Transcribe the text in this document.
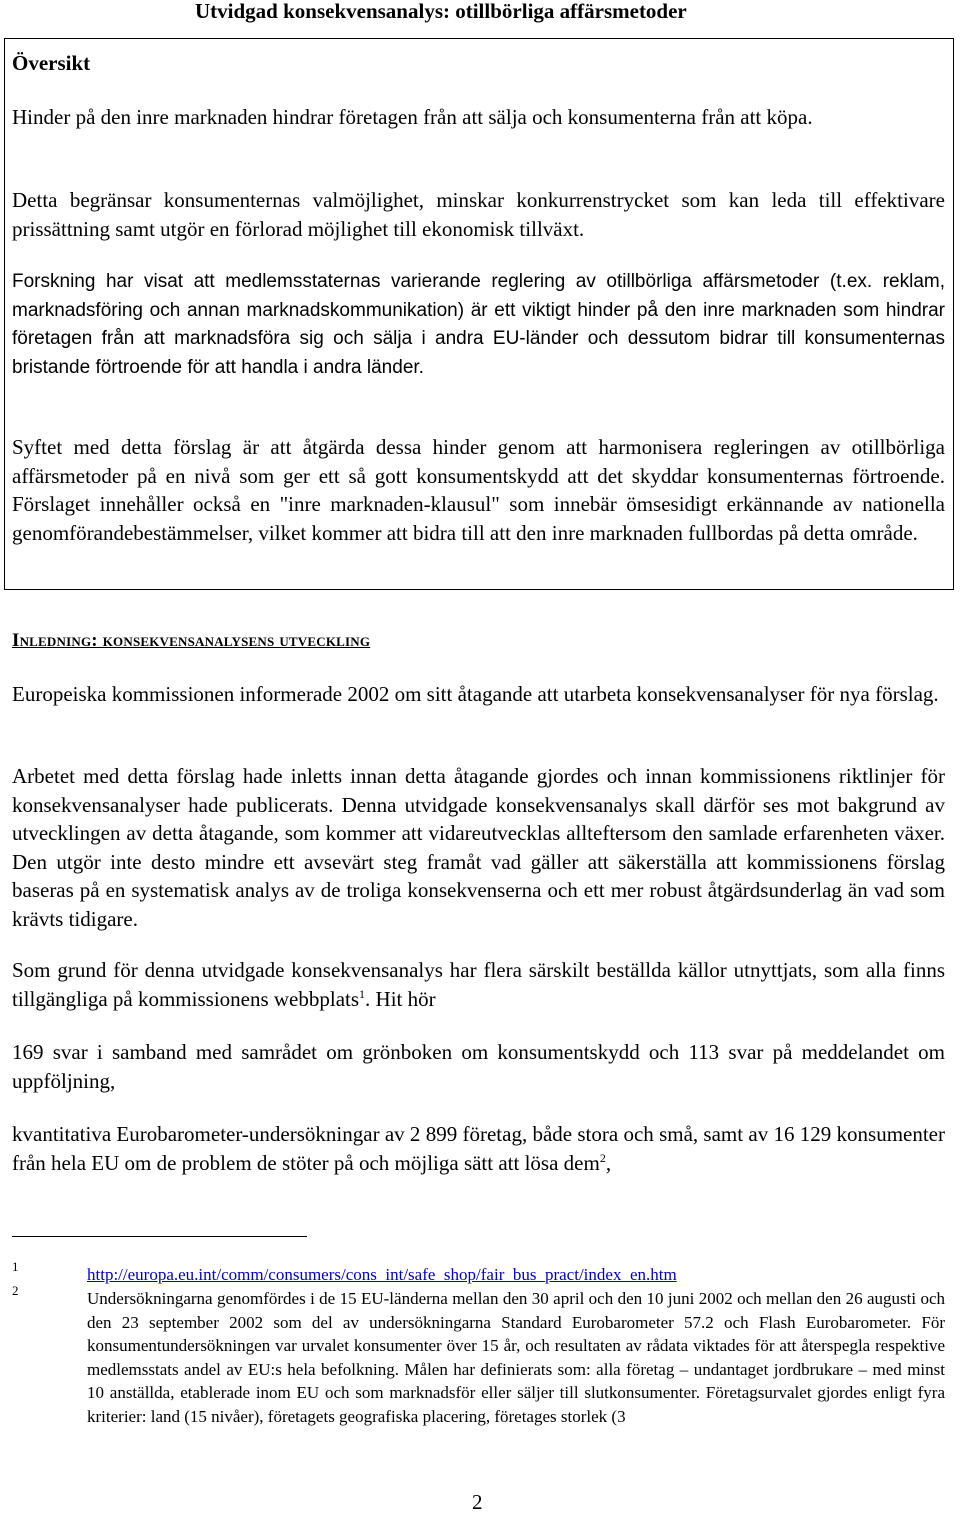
Utvidgad konsekvensanalys: otillbörliga affärsmetoder

Översikt

Hinder på den inre marknaden hindrar företagen från att sälja och konsumenterna från att köpa.

Detta begränsar konsumenternas valmöjlighet, minskar konkurrenstrycket som kan leda till effektivare prissättning samt utgör en förlorad möjlighet till ekonomisk tillväxt.

Forskning har visat att medlemsstaternas varierande reglering av otillbörliga affärsmetoder (t.ex. reklam, marknadsföring och annan marknadskommunikation) är ett viktigt hinder på den inre marknaden som hindrar företagen från att marknadsföra sig och sälja i andra EU-länder och dessutom bidrar till konsumenternas bristande förtroende för att handla i andra länder.

Syftet med detta förslag är att åtgärda dessa hinder genom att harmonisera regleringen av otillbörliga affärsmetoder på en nivå som ger ett så gott konsumentskydd att det skyddar konsumenternas förtroende. Förslaget innehåller också en "inre marknaden-klausul" som innebär ömsesidigt erkännande av nationella genomförandebestämmelser, vilket kommer att bidra till att den inre marknaden fullbordas på detta område.

Inledning: konsekvensanalysens utveckling

Europeiska kommissionen informerade 2002 om sitt åtagande att utarbeta konsekvensanalyser för nya förslag.

Arbetet med detta förslag hade inletts innan detta åtagande gjordes och innan kommissionens riktlinjer för konsekvensanalyser hade publicerats. Denna utvidgade konsekvensanalys skall därför ses mot bakgrund av utvecklingen av detta åtagande, som kommer att vidareutvecklas allteftersom den samlade erfarenheten växer. Den utgör inte desto mindre ett avsevärt steg framåt vad gäller att säkerställa att kommissionens förslag baseras på en systematisk analys av de troliga konsekvenserna och ett mer robust åtgärdsunderlag än vad som krävts tidigare.

Som grund för denna utvidgade konsekvensanalys har flera särskilt beställda källor utnyttjats, som alla finns tillgängliga på kommissionens webbplats$^1$. Hit hör

169 svar i samband med samrådet om grönboken om konsumentskydd och 113 svar på meddelandet om uppföljning,

kvantitativa Eurobarometer-undersökningar av 2 899 företag, både stora och små, samt av 16 129 konsumenter från hela EU om de problem de stöter på och möjliga sätt att lösa dem$^2$,

1	http://europa.eu.int/comm/consumers/cons_int/safe_shop/fair_bus_pract/index_en.htm
2	Undersökningarna genomfördes i de 15 EU-länderna mellan den 30 april och den 10 juni 2002 och mellan den 26 augusti och den 23 september 2002 som del av undersökningarna Standard Eurobarometer 57.2 och Flash Eurobarometer. För konsumentundersökningen var urvalet konsumenter över 15 år, och resultaten av rådata viktades för att återspegla respektive medlemsstats andel av EU:s hela befolkning. Målen har definierats som: alla företag – undantaget jordbrukare – med minst 10 anställda, etablerade inom EU och som marknadsför eller säljer till slutkonsumenter. Företagsurvalet gjordes enligt fyra kriterier: land (15 nivåer), företagets geografiska placering, företages storlek (3

2
